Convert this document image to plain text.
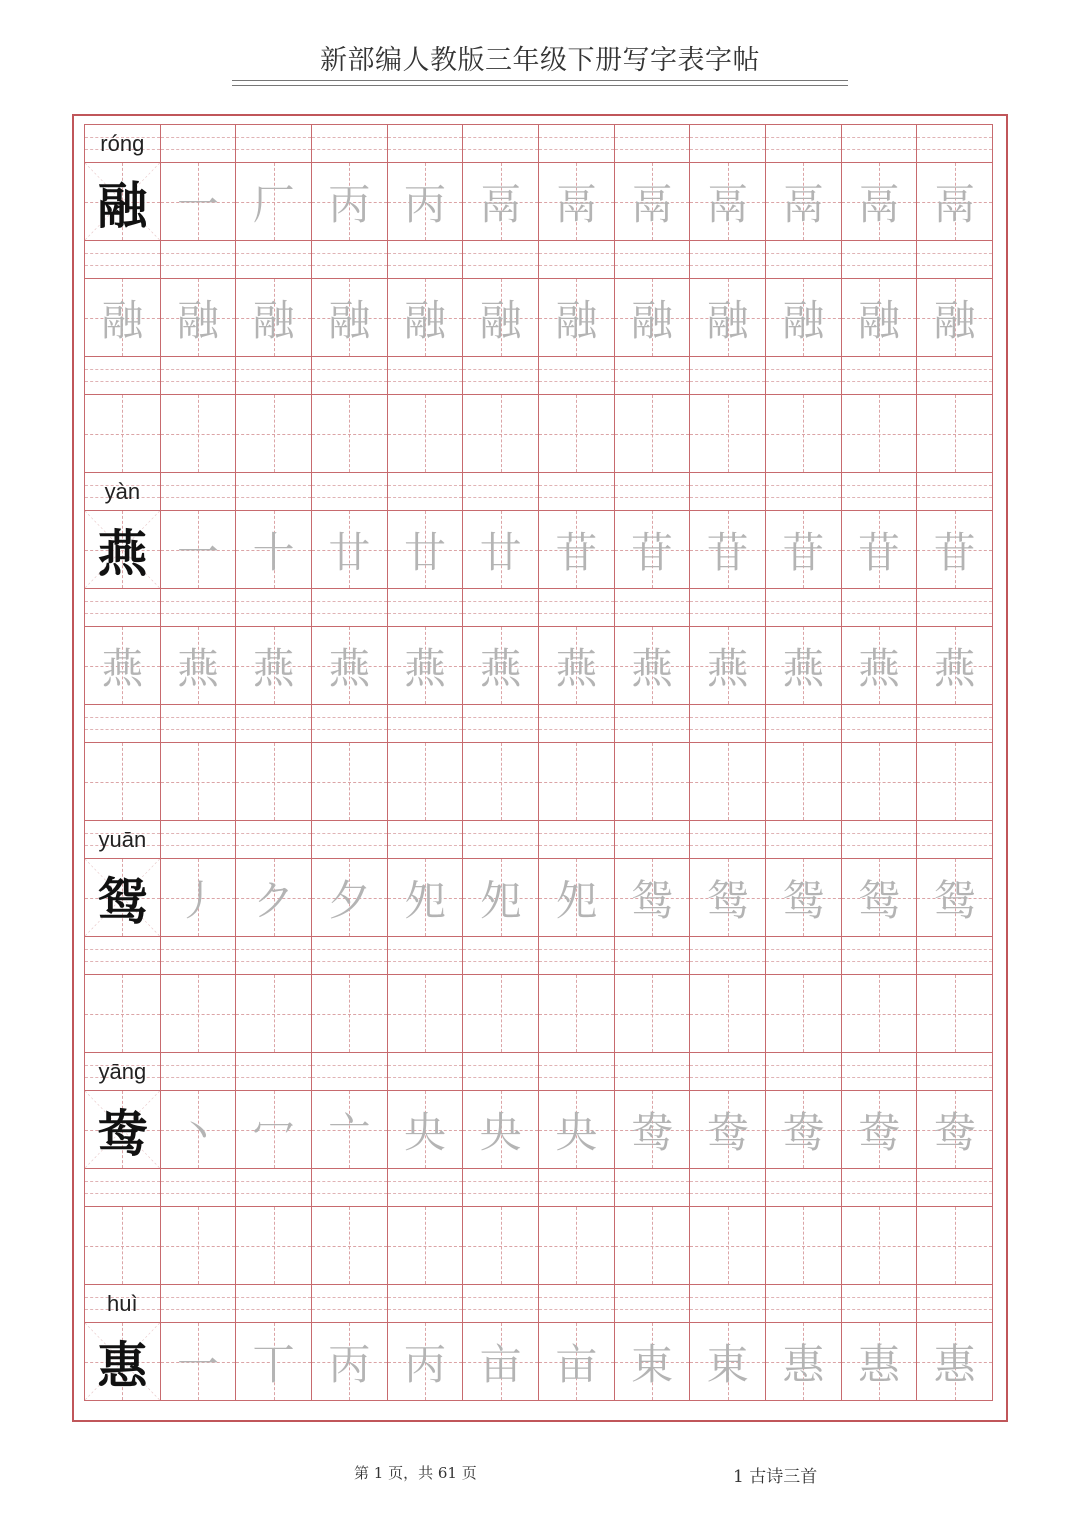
新部编人教版三年级下册写字表字帖
róng
融 一 厂 丙 丙 鬲 鬲 鬲 鬲 鬲 鬲 鬲
融 融 融 融 融 融 融 融 融 融 融 融
yàn
燕 一 十 廿 廿 廿 苷 苷 苷 苷 苷 苷
燕 燕 燕 燕 燕 燕 燕 燕 燕 燕 燕 燕
yuān
鸳 丿 ク 夕 夗 夗 夗 鸳 鸳 鸳 鸳 鸳
yāng
鸯 丶 冖 亠 央 央 央 鸯 鸯 鸯 鸯 鸯
huì
惠 一 丅 丙 丙 亩 亩 東 東 惠 惠 惠
第 1 页，共 61 页	1 古诗三首
